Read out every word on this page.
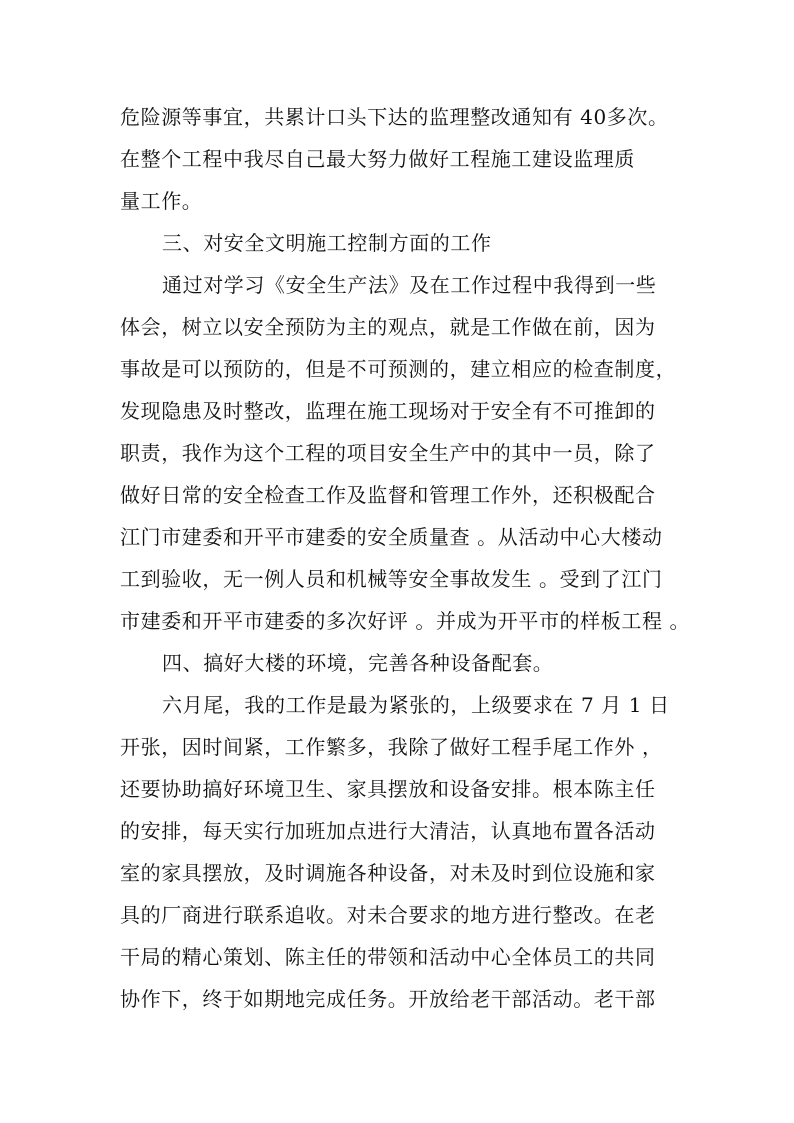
危险源等事宜，共累计口头下达的监理整改通知有 40多次。
在整个工程中我尽自己最大努力做好工程施工建设监理质
量工作。
三、对安全文明施工控制方面的工作
通过对学习《安全生产法》及在工作过程中我得到一些
体会，树立以安全预防为主的观点，就是工作做在前，因为
事故是可以预防的，但是不可预测的，建立相应的检查制度，
发现隐患及时整改，监理在施工现场对于安全有不可推卸的
职责，我作为这个工程的项目安全生产中的其中一员，除了
做好日常的安全检查工作及监督和管理工作外，还积极配合
江门市建委和开平市建委的安全质量查 。从活动中心大楼动
工到验收，无一例人员和机械等安全事故发生 。受到了江门
市建委和开平市建委的多次好评 。并成为开平市的样板工程 。
四、搞好大楼的环境，完善各种设备配套。
六月尾，我的工作是最为紧张的，上级要求在 7 月 1 日
开张，因时间紧，工作繁多，我除了做好工程手尾工作外 ，
还要协助搞好环境卫生、家具摆放和设备安排。根本陈主任
的安排，每天实行加班加点进行大清洁，认真地布置各活动
室的家具摆放，及时调施各种设备，对未及时到位设施和家
具的厂商进行联系追收。对未合要求的地方进行整改。在老
干局的精心策划、陈主任的带领和活动中心全体员工的共同
协作下，终于如期地完成任务。开放给老干部活动。老干部
